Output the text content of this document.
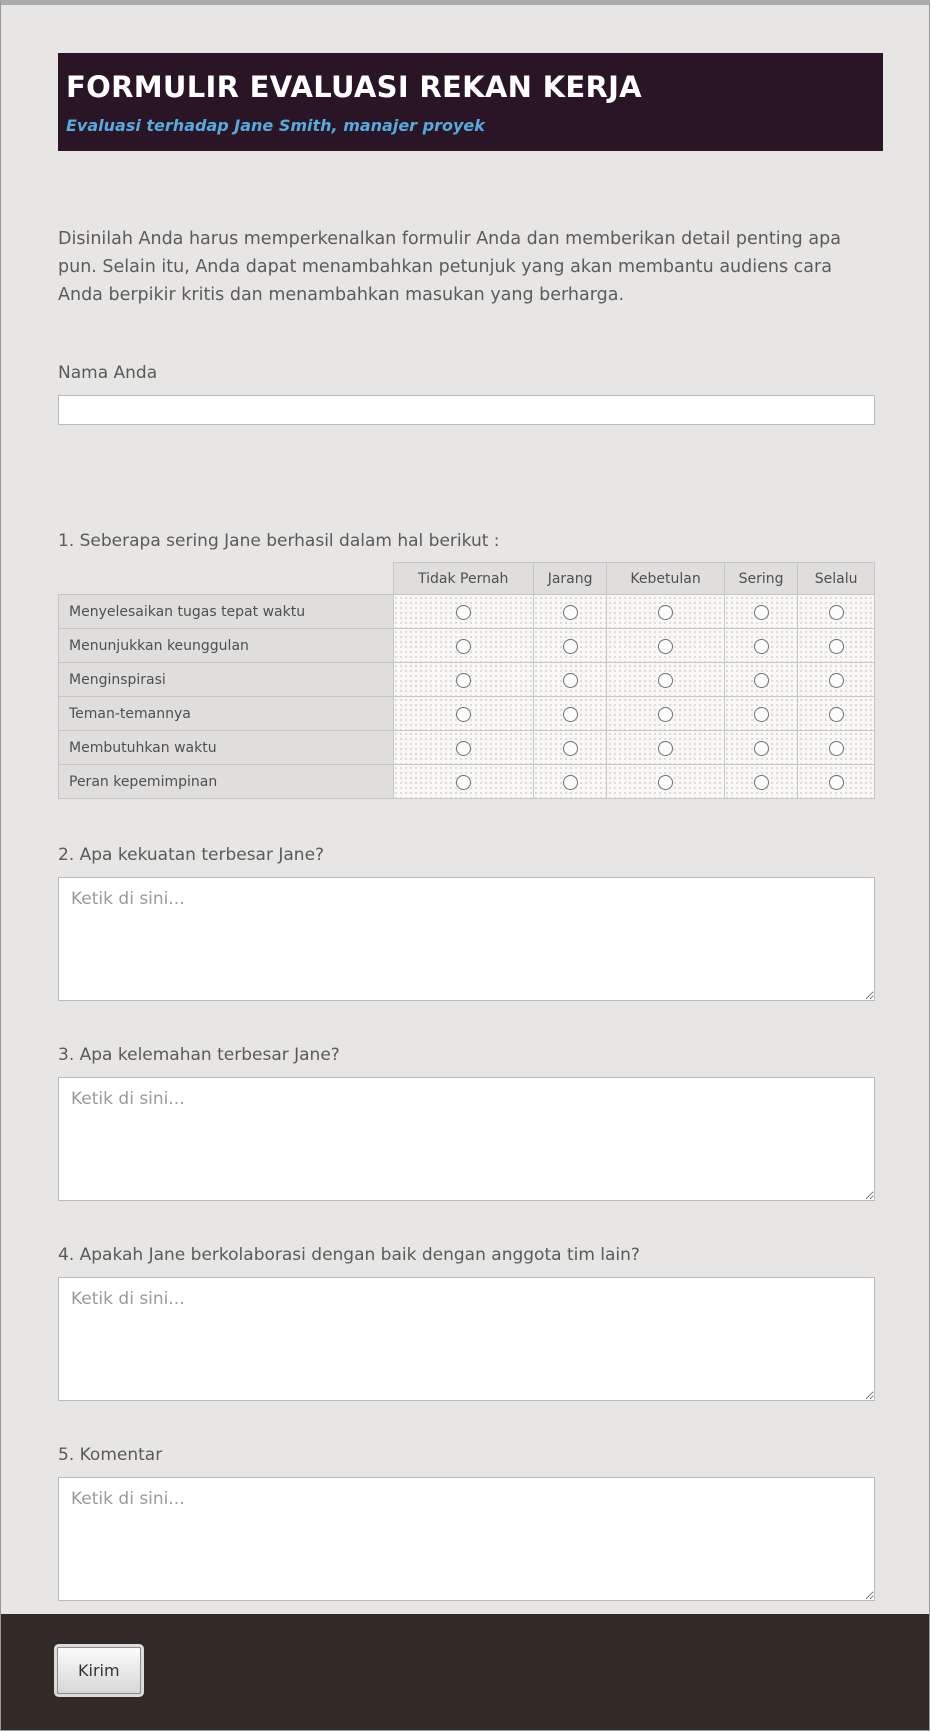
FORMULIR EVALUASI REKAN KERJA
Evaluasi terhadap Jane Smith, manajer proyek
Disinilah Anda harus memperkenalkan formulir Anda dan memberikan detail penting apa pun. Selain itu, Anda dapat menambahkan petunjuk yang akan membantu audiens cara Anda berpikir kritis dan menambahkan masukan yang berharga.
Nama Anda
1. Seberapa sering Jane berhasil dalam hal berikut :
	Tidak Pernah	Jarang	Kebetulan	Sering	Selalu
Menyelesaikan tugas tepat waktu					
Menunjukkan keunggulan					
Menginspirasi					
Teman-temannya					
Membutuhkan waktu					
Peran kepemimpinan					
2. Apa kekuatan terbesar Jane?
Ketik di sini...
3. Apa kelemahan terbesar Jane?
Ketik di sini...
4. Apakah Jane berkolaborasi dengan baik dengan anggota tim lain?
Ketik di sini...
5. Komentar
Ketik di sini...
Kirim
